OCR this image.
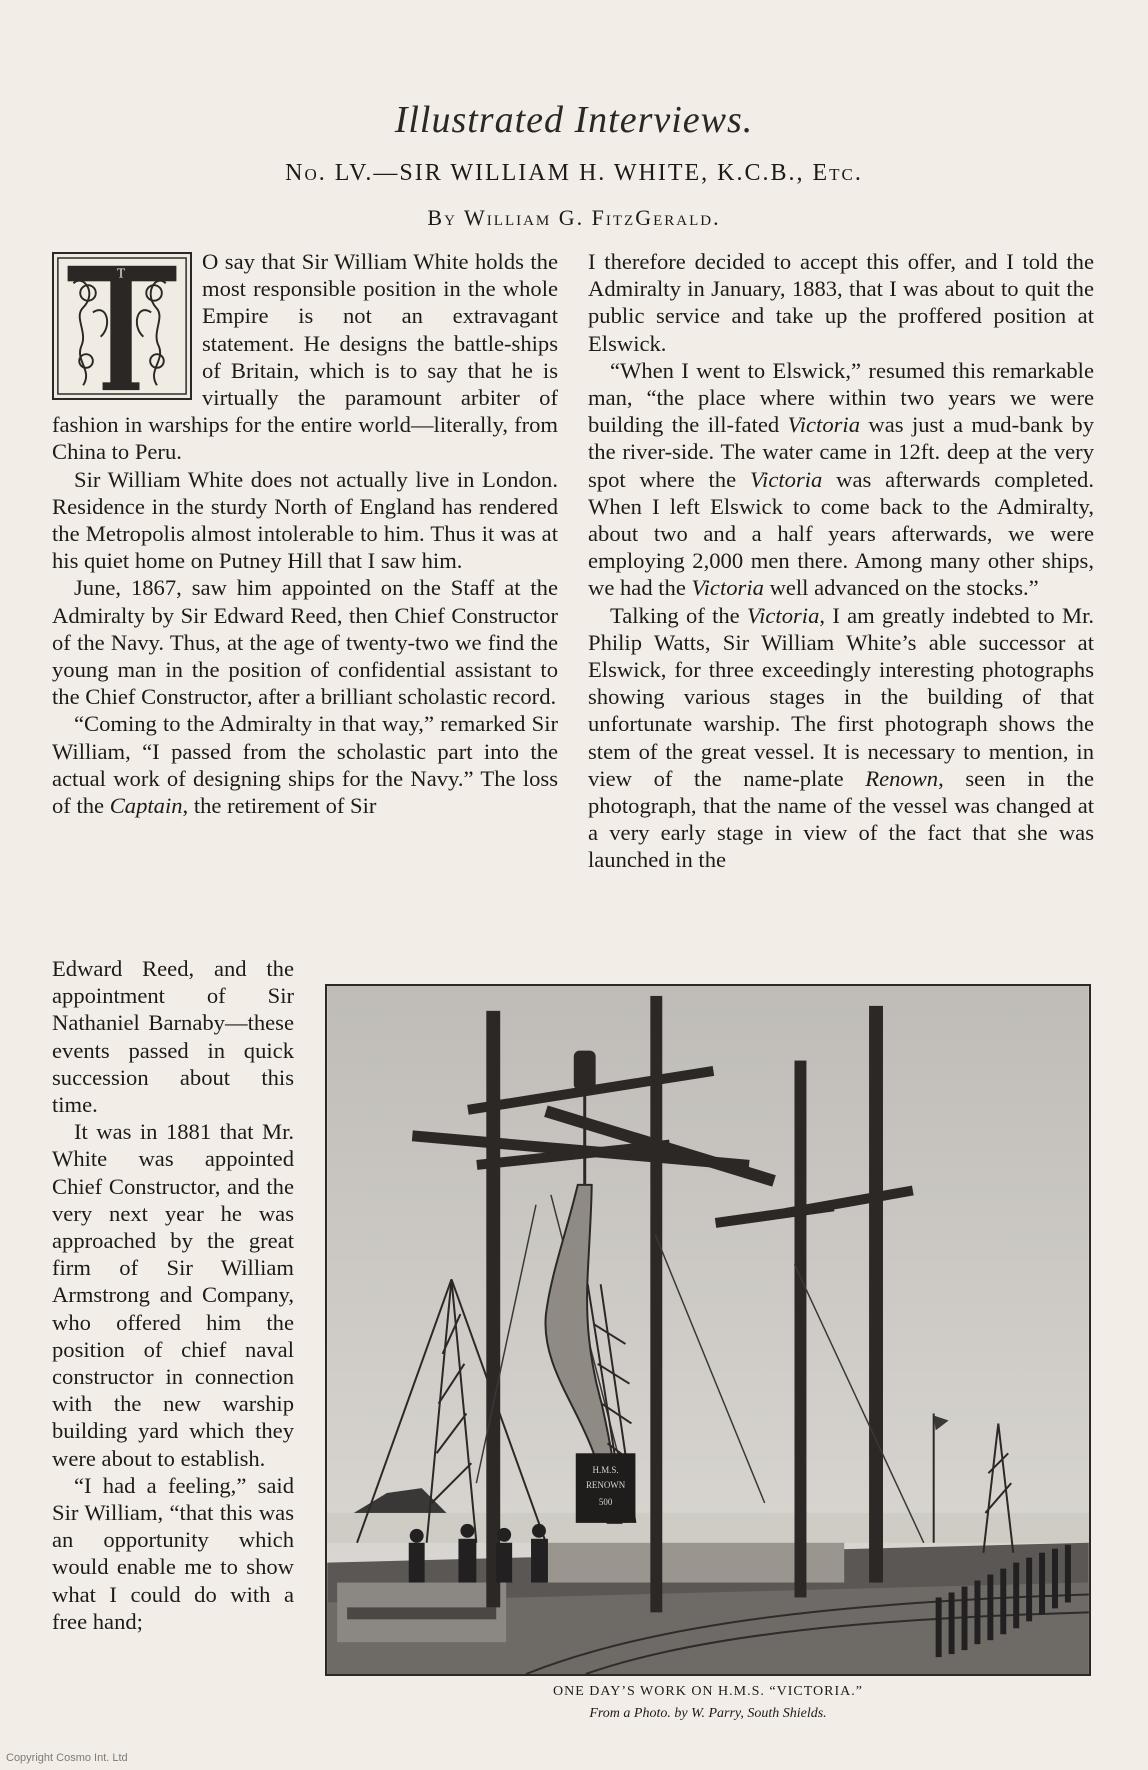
Illustrated Interviews.
No. LV.—SIR WILLIAM H. WHITE, K.C.B., Etc.
By William G. FitzGerald.
T	O say that Sir William White holds the most responsible position in the whole Empire is not an extravagant statement. He designs the battle-ships of Britain, which is to say that he is virtually the paramount arbiter of fashion in warships for the entire world—literally, from China to Peru.

Sir William White does not actually live in London. Residence in the sturdy North of England has rendered the Metropolis almost intolerable to him. Thus it was at his quiet home on Putney Hill that I saw him.

June, 1867, saw him appointed on the Staff at the Admiralty by Sir Edward Reed, then Chief Constructor of the Navy. Thus, at the age of twenty-two we find the young man in the position of confidential assistant to the Chief Constructor, after a brilliant scholastic record.

“Coming to the Admiralty in that way,” remarked Sir William, “I passed from the scholastic part into the actual work of designing ships for the Navy.” The loss of the Captain, the retirement of Sir

Edward Reed, and the appointment of Sir Nathaniel Barnaby—these events passed in quick succession about this time.

It was in 1881 that Mr. White was appointed Chief Constructor, and the very next year he was approached by the great firm of Sir William Armstrong and Company, who offered him the position of chief naval constructor in connection with the new warship building yard which they were about to establish.

“I had a feeling,” said Sir William, “that this was an opportunity which would enable me to show what I could do with a free hand;

I therefore decided to accept this offer, and I told the Admiralty in January, 1883, that I was about to quit the public service and take up the proffered position at Elswick.

“When I went to Elswick,” resumed this remarkable man, “the place where within two years we were building the ill-fated Victoria was just a mud-bank by the river-side. The water came in 12ft. deep at the very spot where the Victoria was afterwards completed. When I left Elswick to come back to the Admiralty, about two and a half years afterwards, we were employing 2,000 men there. Among many other ships, we had the Victoria well advanced on the stocks.”

Talking of the Victoria, I am greatly indebted to Mr. Philip Watts, Sir William White’s able successor at Elswick, for three exceedingly interesting photographs showing various stages in the building of that unfortunate warship. The first photograph shows the stem of the great vessel. It is necessary to mention, in view of the name-plate Renown, seen in the photograph, that the name of the vessel was changed at a very early stage in view of the fact that she was launched in the

H.M.S.
RENOWN
500
ONE DAY’S WORK ON H.M.S. “VICTORIA.”
From a Photo. by W. Parry, South Shields.
Copyright Cosmo Int. Ltd
